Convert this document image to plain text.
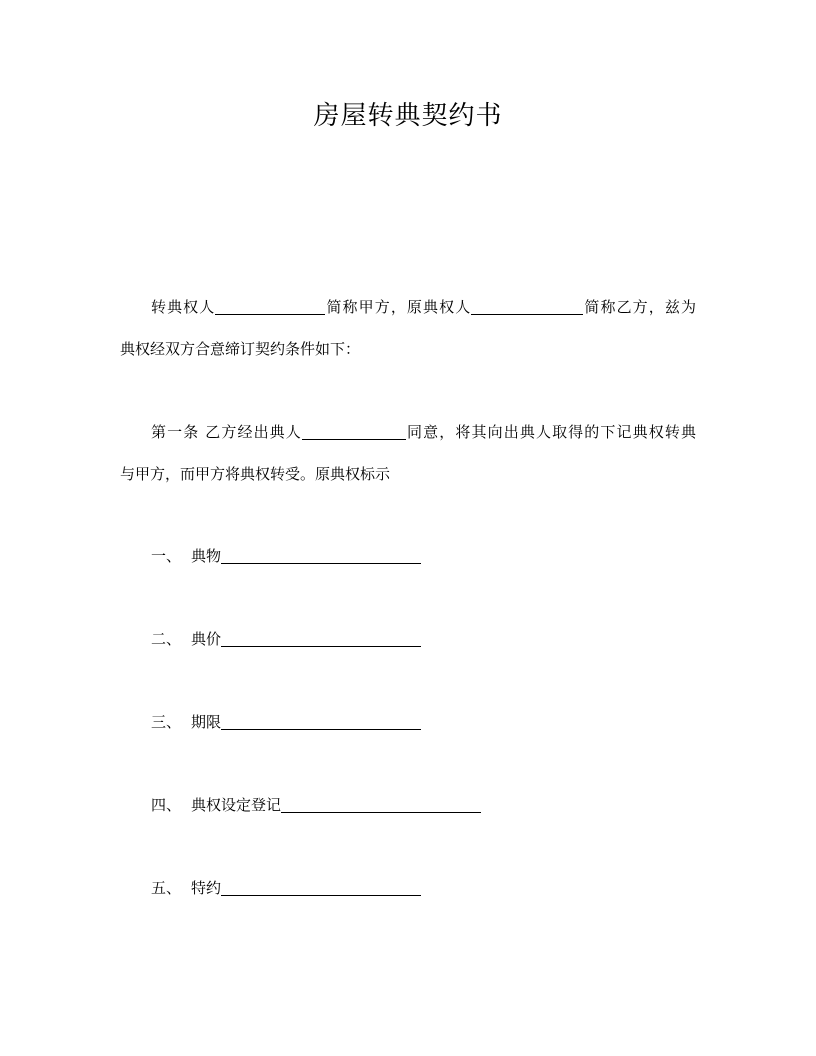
房屋转典契约书
转典权人	简称甲方，原典权人	简称乙方，兹为
典权经双方合意缔订契约条件如下：
第一条 乙方经出典人	同意，将其向出典人取得的下记典权转典
与甲方，而甲方将典权转受。原典权标示
一、 典物
二、 典价
三、 期限
四、 典权设定登记
五、 特约
